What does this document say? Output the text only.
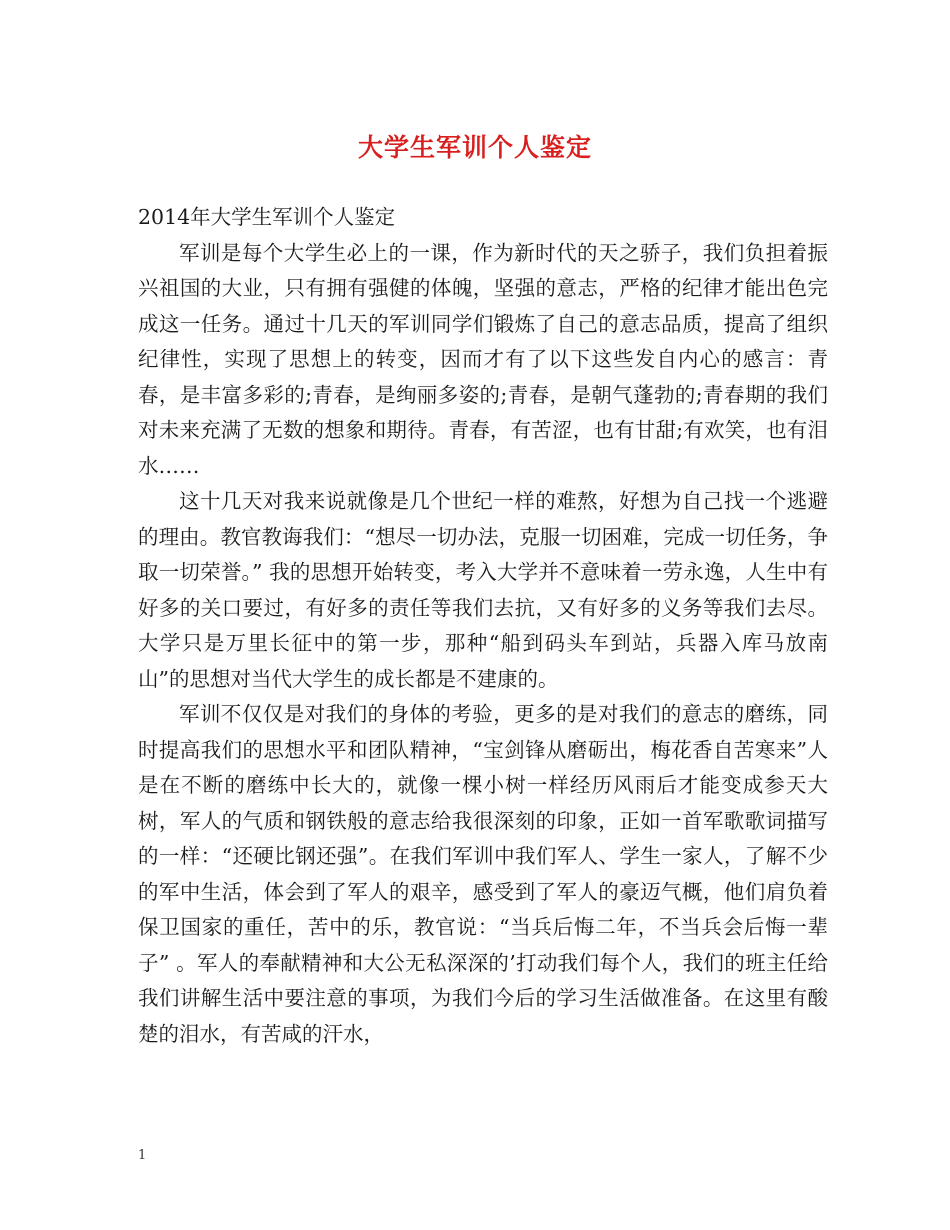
大学生军训个人鉴定

2014年大学生军训个人鉴定

军训是每个大学生必上的一课，作为新时代的天之骄子，我们负担着振兴祖国的大业，只有拥有强健的体魄，坚强的意志，严格的纪律才能出色完成这一任务。通过十几天的军训同学们锻炼了自己的意志品质，提高了组织纪律性，实现了思想上的转变，因而才有了以下这些发自内心的感言：青春，是丰富多彩的;青春，是绚丽多姿的;青春，是朝气蓬勃的;青春期的我们对未来充满了无数的想象和期待。青春，有苦涩，也有甘甜;有欢笑，也有泪水……

这十几天对我来说就像是几个世纪一样的难熬，好想为自己找一个逃避的理由。教官教诲我们：“想尽一切办法，克服一切困难，完成一切任务，争取一切荣誉。” 我的思想开始转变，考入大学并不意味着一劳永逸，人生中有好多的关口要过，有好多的责任等我们去抗，又有好多的义务等我们去尽。大学只是万里长征中的第一步，那种“船到码头车到站，兵器入库马放南山”的思想对当代大学生的成长都是不建康的。

军训不仅仅是对我们的身体的考验，更多的是对我们的意志的磨练，同时提高我们的思想水平和团队精神，“宝剑锋从磨砺出，梅花香自苦寒来”人是在不断的磨练中长大的，就像一棵小树一样经历风雨后才能变成参天大树，军人的气质和钢铁般的意志给我很深刻的印象，正如一首军歌歌词描写的一样：“还硬比钢还强”。在我们军训中我们军人、学生一家人，了解不少的军中生活，体会到了军人的艰辛，感受到了军人的豪迈气概，他们肩负着保卫国家的重任，苦中的乐，教官说：“当兵后悔二年，不当兵会后悔一辈子” 。军人的奉献精神和大公无私深深的’打动我们每个人，我们的班主任给我们讲解生活中要注意的事项，为我们今后的学习生活做准备。在这里有酸楚的泪水，有苦咸的汗水，

1
